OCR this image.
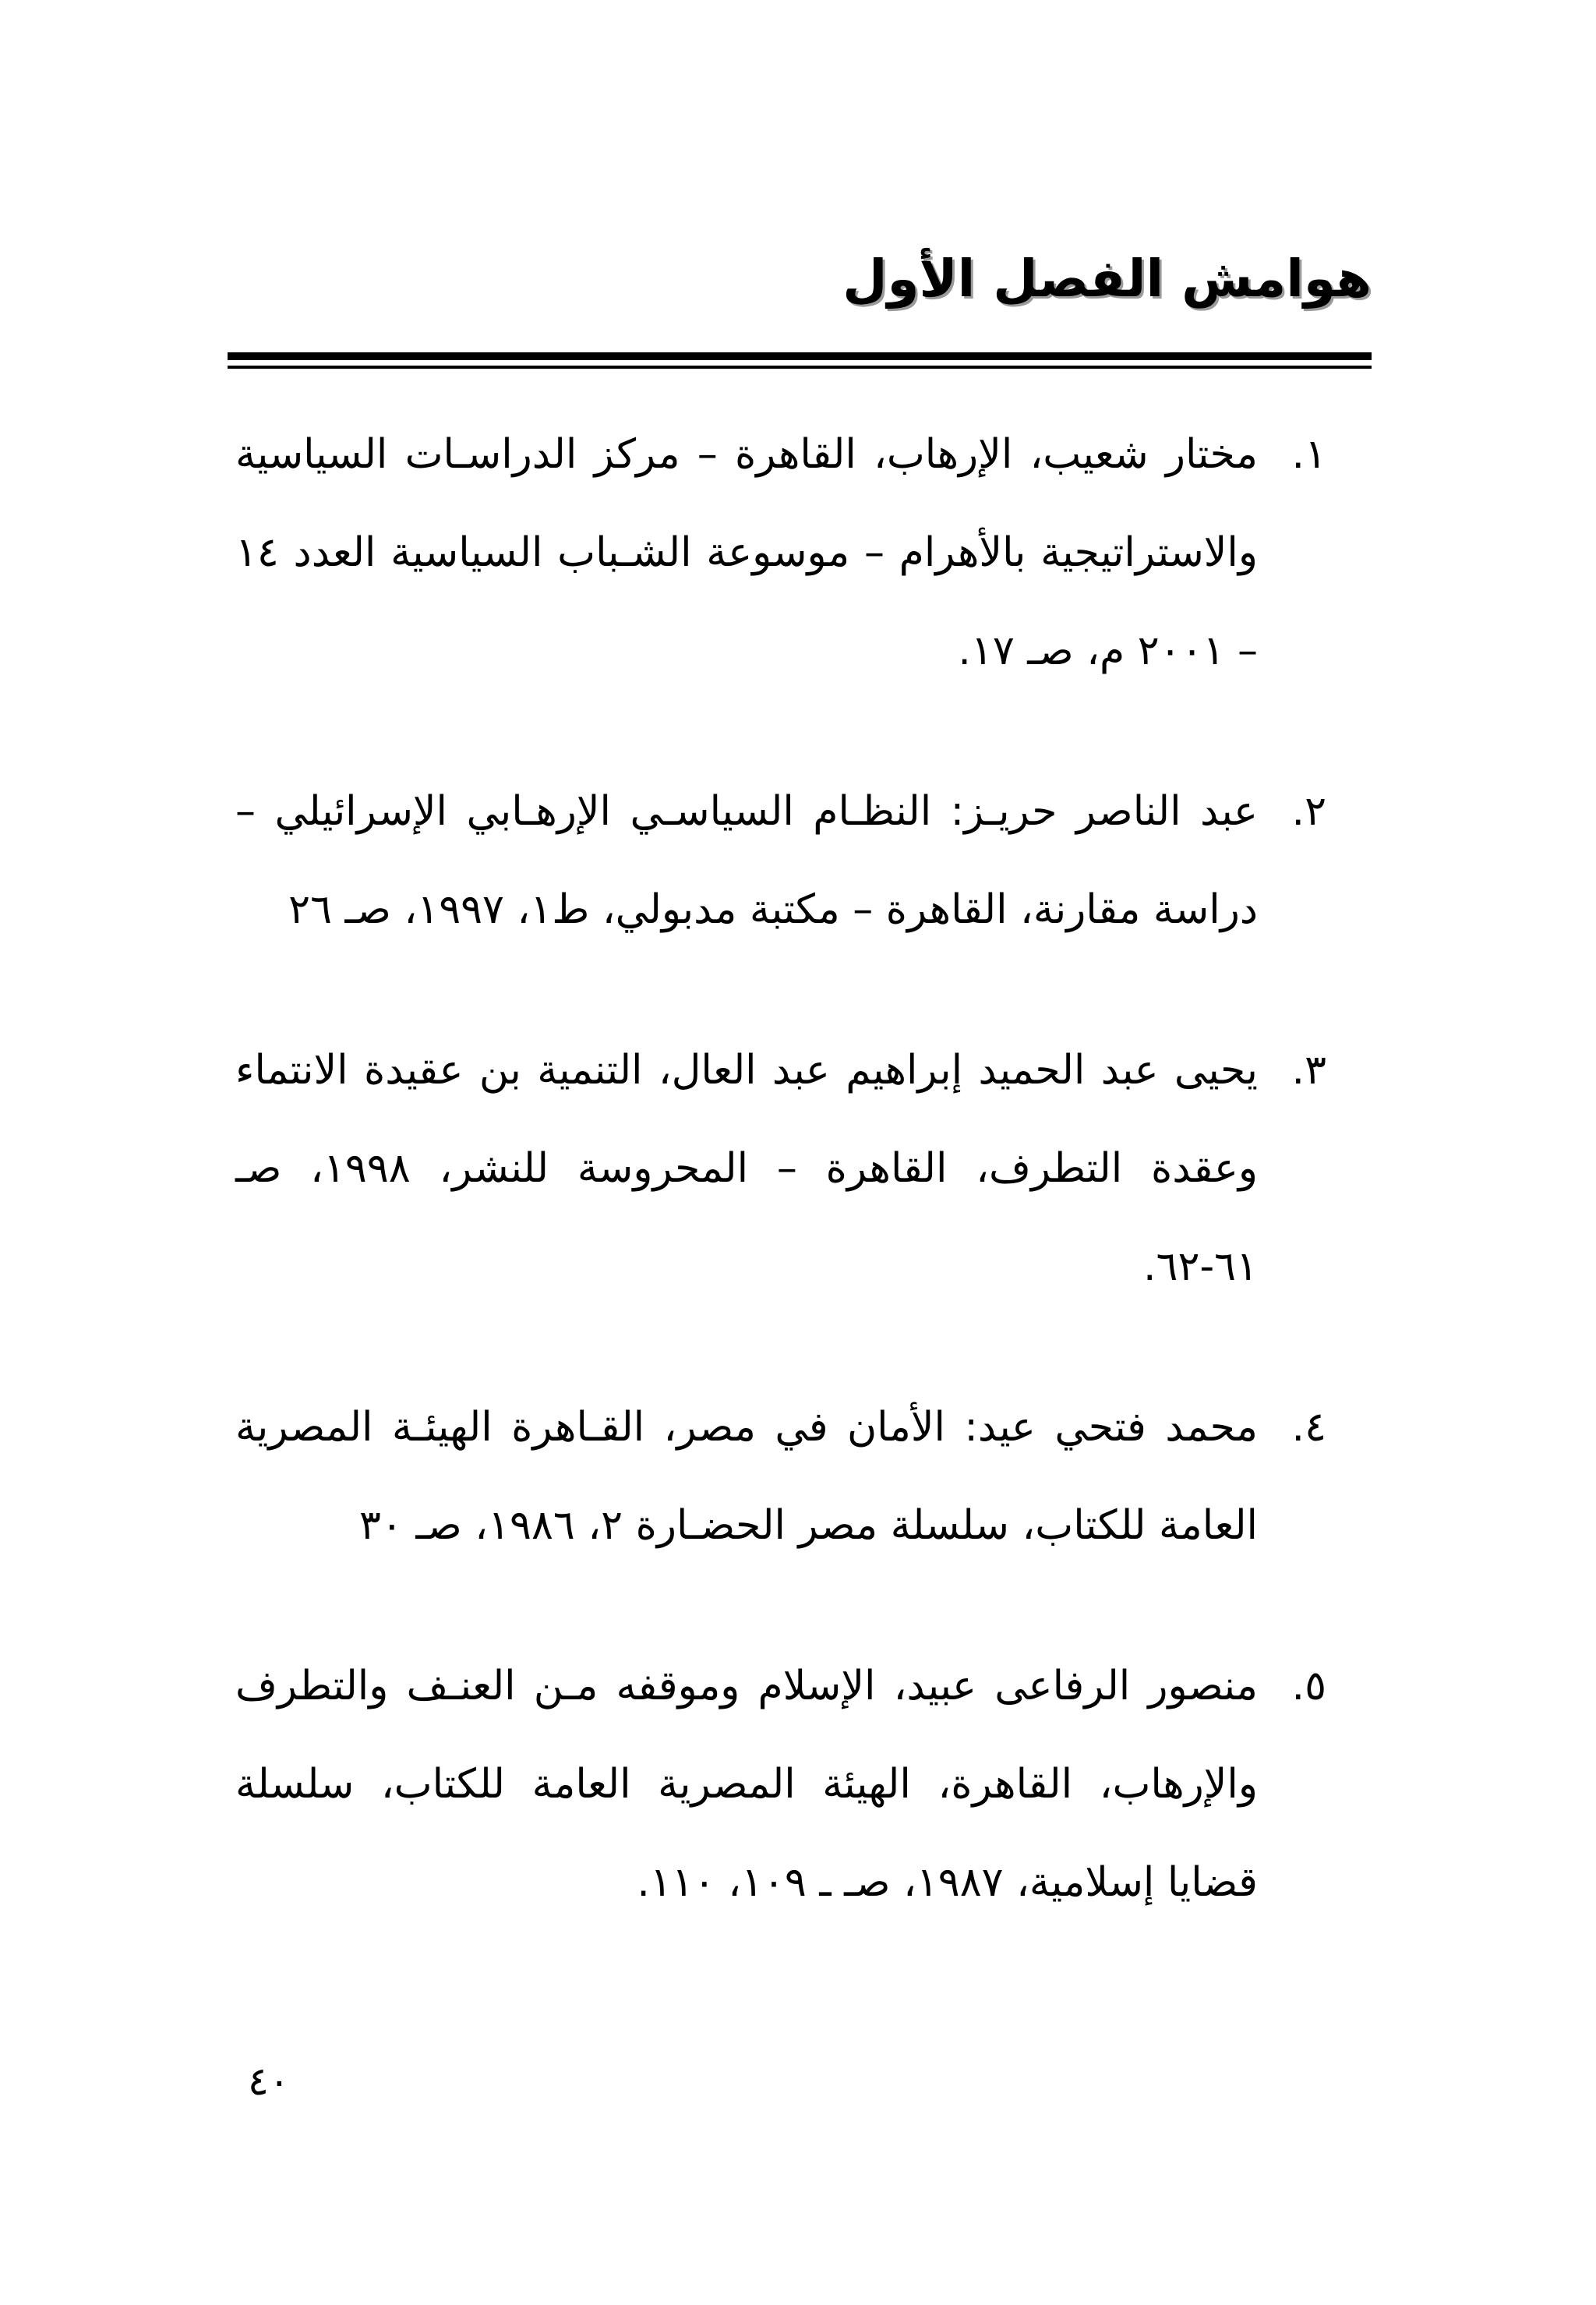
هوامش الفصل الأول
١.
مختار شعيب، الإرهاب، القاهرة – مركز الدراسـات السياسية والاستراتيجية بالأهرام – موسوعة الشـباب السياسية العدد ١٤ – ٢٠٠١ م، صـ ١٧.
٢.
عبد الناصر حريـز: النظـام السياسـي الإرهـابي الإسرائيلي – دراسة مقارنة، القاهرة – مكتبة مدبولي، ط١، ١٩٩٧، صـ ٢٦
٣.
يحيى عبد الحميد إبراهيم عبد العال، التنمية بن عقيدة الانتماء وعقدة التطرف، القاهرة – المحروسة للنشر، ١٩٩٨، صـ ٦١-٦٢.
٤.
محمد فتحي عيد: الأمان في مصر، القـاهرة الهيئـة المصرية العامة للكتاب، سلسلة مصر الحضـارة ٢، ١٩٨٦، صـ ٣٠
٥.
منصور الرفاعى عبيد، الإسلام وموقفه مـن العنـف والتطرف والإرهاب، القاهرة، الهيئة المصرية العامة للكتاب، سلسلة قضايا إسلامية، ١٩٨٧، صـ ـ ١٠٩، ١١٠.
٤٠
